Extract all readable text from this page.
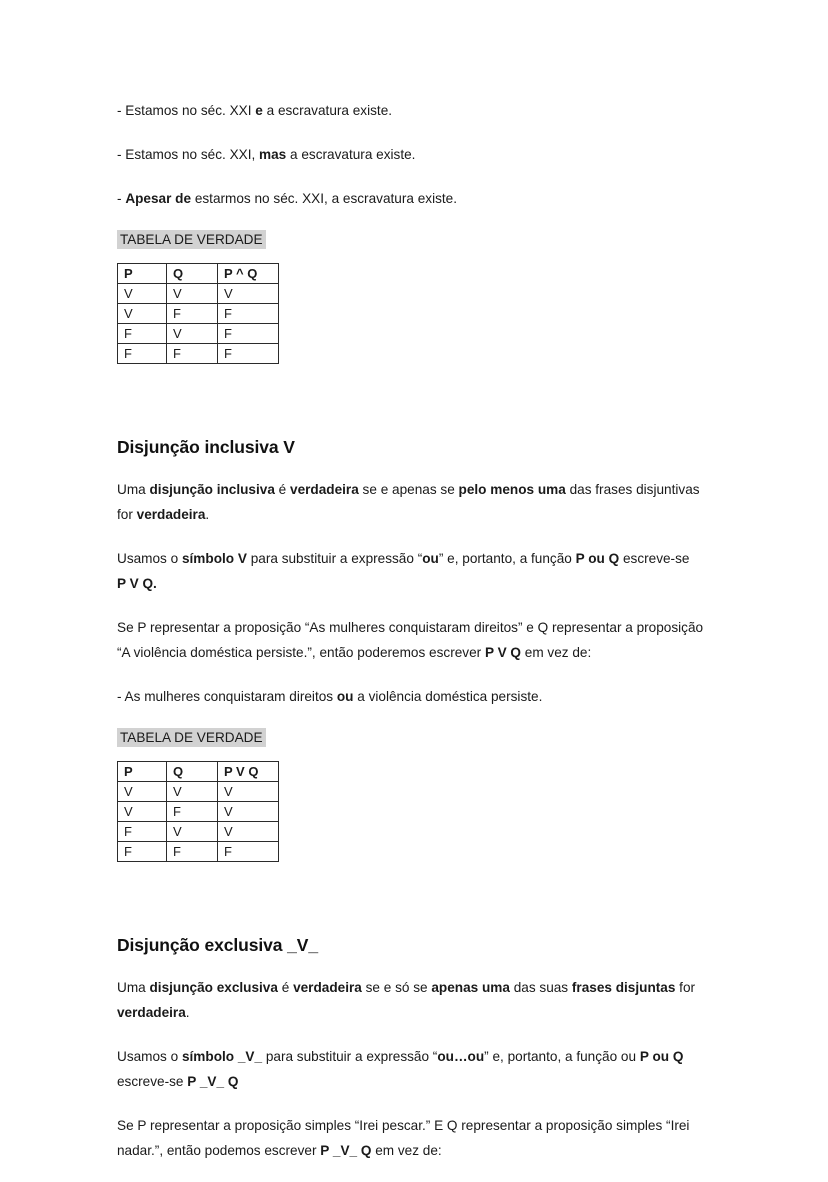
- Estamos no séc. XXI e a escravatura existe.

- Estamos no séc. XXI, mas a escravatura existe.

- Apesar de estarmos no séc. XXI, a escravatura existe.

TABELA DE VERDADE
P	Q	P ^ Q
V	V	V
V	F	F
F	V	F
F	F	F
Disjunção inclusiva V

Uma disjunção inclusiva é verdadeira se e apenas se pelo menos uma das frases disjuntivas for verdadeira.

Usamos o símbolo V para substituir a expressão “ou” e, portanto, a função P ou Q escreve-se
P V Q.

Se P representar a proposição “As mulheres conquistaram direitos” e Q representar a proposição “A violência doméstica persiste.”, então poderemos escrever P V Q em vez de:

- As mulheres conquistaram direitos ou a violência doméstica persiste.

TABELA DE VERDADE
P	Q	P V Q
V	V	V
V	F	V
F	V	V
F	F	F
Disjunção exclusiva _V_

Uma disjunção exclusiva é verdadeira se e só se apenas uma das suas frases disjuntas for verdadeira.

Usamos o símbolo _V_ para substituir a expressão “ou…ou” e, portanto, a função ou P ou Q escreve-se P _V_ Q

Se P representar a proposição simples “Irei pescar.” E Q representar a proposição simples “Irei nadar.”, então podemos escrever P _V_ Q em vez de:
